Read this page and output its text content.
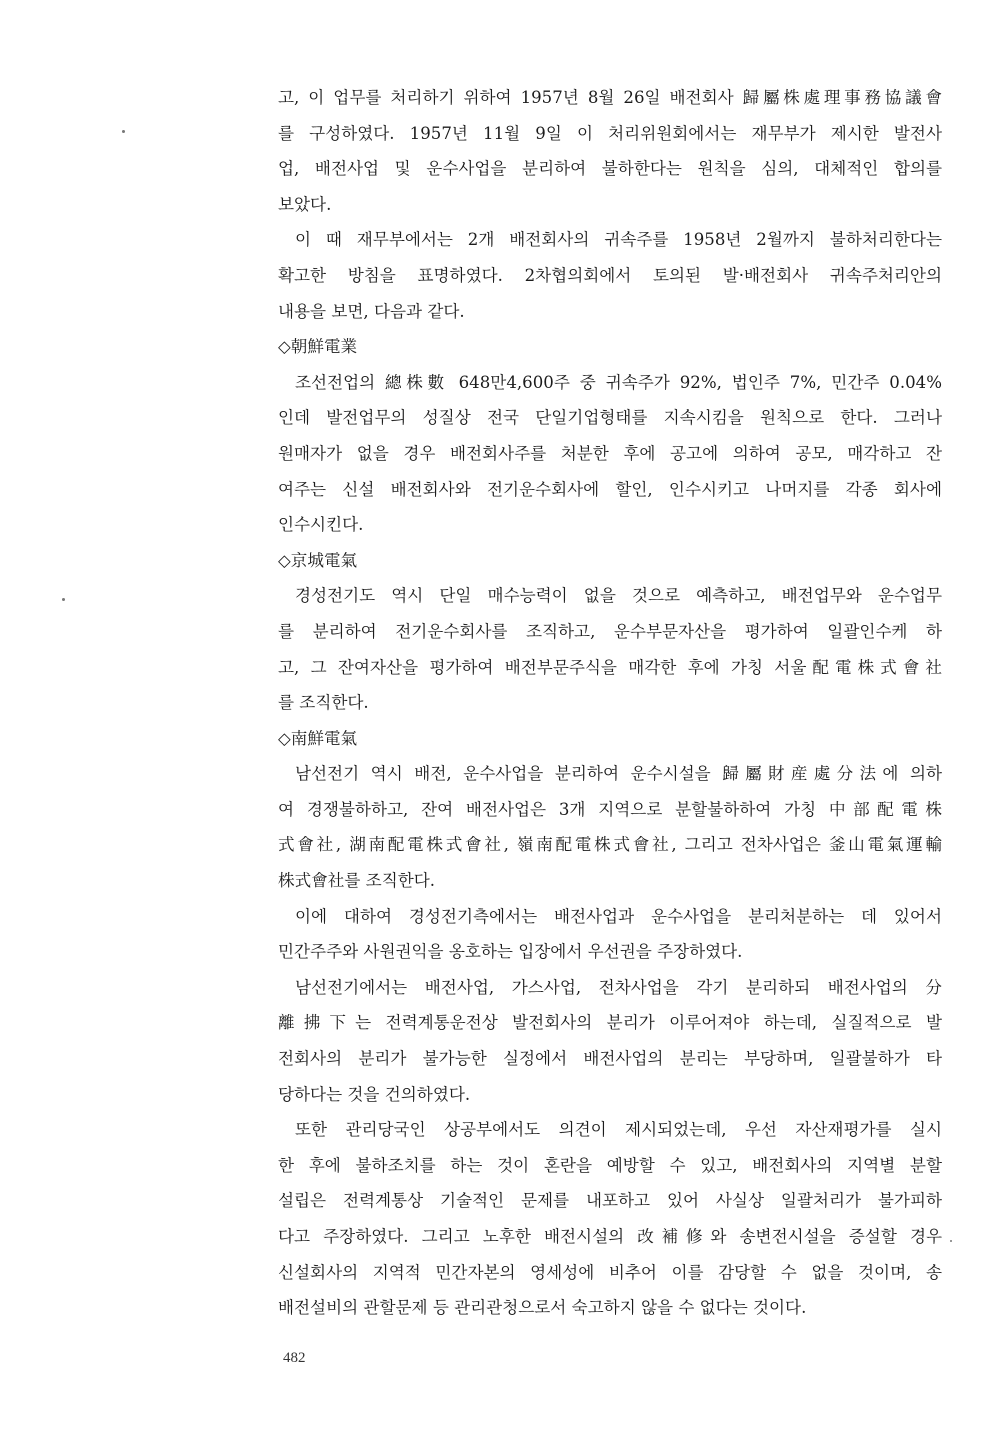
고, 이 업무를 처리하기 위하여 1957년 8월 26일 배전회사 歸屬株處理事務協議會
를 구성하였다. 1957년 11월 9일 이 처리위원회에서는 재무부가 제시한 발전사
업, 배전사업 및 운수사업을 분리하여 불하한다는 원칙을 심의, 대체적인 합의를
보았다.
이 때 재무부에서는 2개 배전회사의 귀속주를 1958년 2월까지 불하처리한다는
확고한 방침을 표명하였다. 2차협의회에서 토의된 발·배전회사 귀속주처리안의
내용을 보면, 다음과 같다.
◇朝鮮電業
조선전업의 總株數 648만4,600주 중 귀속주가 92%, 법인주 7%, 민간주 0.04%
인데 발전업무의 성질상 전국 단일기업형태를 지속시킴을 원칙으로 한다. 그러나
원매자가 없을 경우 배전회사주를 처분한 후에 공고에 의하여 공모, 매각하고 잔
여주는 신설 배전회사와 전기운수회사에 할인, 인수시키고 나머지를 각종 회사에
인수시킨다.
◇京城電氣
경성전기도 역시 단일 매수능력이 없을 것으로 예측하고, 배전업무와 운수업무
를 분리하여 전기운수회사를 조직하고, 운수부문자산을 평가하여 일괄인수케 하
고, 그 잔여자산을 평가하여 배전부문주식을 매각한 후에 가칭 서울配電株式會社
를 조직한다.
◇南鮮電氣
남선전기 역시 배전, 운수사업을 분리하여 운수시설을 歸屬財産處分法에 의하
여 경쟁불하하고, 잔여 배전사업은 3개 지역으로 분할불하하여 가칭 中部配電株
式會社, 湖南配電株式會社, 嶺南配電株式會社, 그리고 전차사업은 釜山電氣運輸
株式會社를 조직한다.
이에 대하여 경성전기측에서는 배전사업과 운수사업을 분리처분하는 데 있어서
민간주주와 사원권익을 옹호하는 입장에서 우선권을 주장하였다.
남선전기에서는 배전사업, 가스사업, 전차사업을 각기 분리하되 배전사업의 分
離拂下는 전력계통운전상 발전회사의 분리가 이루어져야 하는데, 실질적으로 발
전회사의 분리가 불가능한 실정에서 배전사업의 분리는 부당하며, 일괄불하가 타
당하다는 것을 건의하였다.
또한 관리당국인 상공부에서도 의견이 제시되었는데, 우선 자산재평가를 실시
한 후에 불하조치를 하는 것이 혼란을 예방할 수 있고, 배전회사의 지역별 분할
설립은 전력계통상 기술적인 문제를 내포하고 있어 사실상 일괄처리가 불가피하
다고 주장하였다. 그리고 노후한 배전시설의 改補修와 송변전시설을 증설할 경우
신설회사의 지역적 민간자본의 영세성에 비추어 이를 감당할 수 없을 것이며, 송
배전설비의 관할문제 등 관리관청으로서 숙고하지 않을 수 없다는 것이다.
482
